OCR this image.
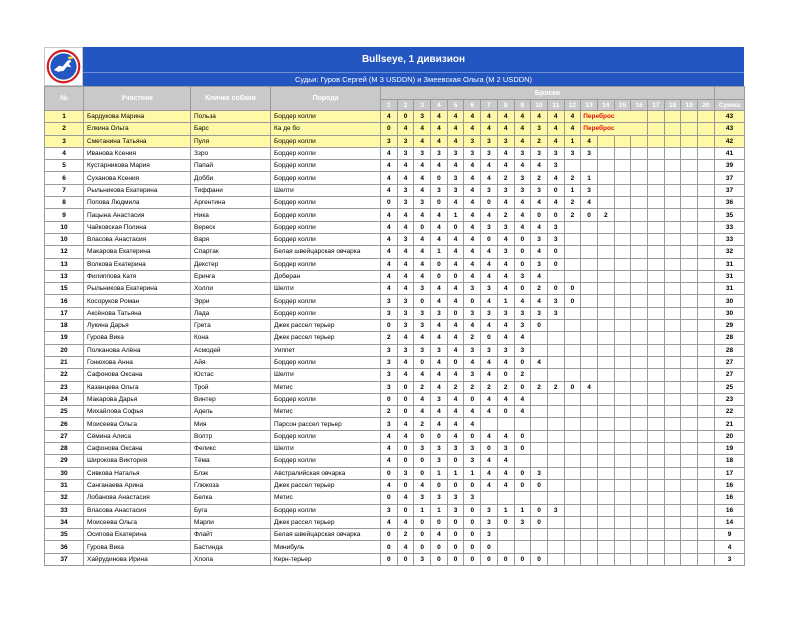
Bullseye, 1 дивизион
Судьи: Гуров Сергей (М 3 USDDN) и Змеевская Ольга (М 2 USDDN)
№	Участник	Кличка собаки	Порода	Броски																				
				1	2	3	4	5	6	7	8	9	10	11	12	13	14	15	16	17	18	19	20	Сумма
1	Бардукова Марина	Польза	Бордер колли	4	0	3	4	4	4	4	4	4	4	4	4	Переброс								43
2	Елкина Ольга	Барс	Ка де бо	0	4	4	4	4	4	4	4	4	3	4	4	Переброс								43
3	Сметанина Татьяна	Пуля	Бордер колли	3	3	4	4	4	3	3	3	4	2	4	1	4								42
4	Иванова Ксения	Ззро	Бордер колли	4	3	3	3	3	3	3	4	3	3	3	3	3								41
5	Кустарникова Мария	Папай	Бордер колли	4	4	4	4	4	4	4	4	4	4	3										39
6	Суханова Ксения	Добби	Бордер колли	4	4	4	0	3	4	4	2	3	2	4	2	1								37
7	Рыльникова Екатерина	Тиффани	Шелти	4	3	4	3	3	4	3	3	3	3	0	1	3								37
8	Попова Людмила	Аргентина	Бордер колли	0	3	3	0	4	4	0	4	4	4	4	2	4								36
9	Пацына Анастасия	Ника	Бордер колли	4	4	4	4	1	4	4	2	4	0	0	2	0	2							35
10	Чайковская Полина	Вереск	Бордер колли	4	4	0	4	0	4	3	3	4	4	3										33
10	Власова Анастасия	Варя	Бордер колли	4	3	4	4	4	4	0	4	0	3	3										33
12	Макарова Екатерина	Спартак	Белая швейцарская овчарка	4	4	4	1	4	4	4	3	0	4	0										32
13	Волкова Екатерина	Декстер	Бордер колли	4	4	4	0	4	4	4	4	0	3	0										31
13	Филиппова Катя	Еринга	Доберан	4	4	4	0	0	4	4	4	3	4											31
15	Рыльникова Екатерина	Холли	Шелти	4	4	3	4	4	3	3	4	0	2	0	0									31
16	Косоруков Роман	Эрри	Бордер колли	3	3	0	4	4	0	4	1	4	4	3	0									30
17	Аксёнова Татьяна	Лада	Бордер колли	3	3	3	3	0	3	3	3	3	3	3										30
18	Лукина Дарья	Грета	Джек рассел терьер	0	3	3	4	4	4	4	4	3	0											29
19	Гурова Вика	Кона	Джек рассел терьер	2	4	4	4	4	2	0	4	4												28
20	Полканова Алёна	Асмодей	Уиппет	3	3	3	3	4	3	3	3	3												28
21	Гонюхова Анна	Айя	Бордер колли	3	4	0	4	0	4	4	4	0	4											27
22	Сафонова Оксана	Юстас	Шелти	3	4	4	4	4	3	4	0	2												27
23	Казанцева Ольга	Трой	Метис	3	0	2	4	2	2	2	2	0	2	2	0	4								25
24	Макарова Дарья	Винтер	Бордер колли	0	0	4	3	4	0	4	4	4												23
25	Михайлова Софья	Адель	Метис	2	0	4	4	4	4	4	0	4												22
26	Моисеева Ольга	Мия	Парсон рассел терьер	3	4	2	4	4	4															21
27	Сёмина Алиса	Волтр	Бордер колли	4	4	0	0	4	0	4	4	0												20
28	Сафонова Оксана	Феликс	Шелти	4	0	3	3	3	3	0	3	0												19
29	Широкова Виктория	Тёма	Бордер колли	4	0	0	3	0	3	4	4													18
30	Сивкова Наталья	Блэк	Австралийская овчарка	0	3	0	1	1	1	4	4	0	3											17
31	Санганаева Арина	Глюкоза	Джек рассел терьер	4	0	4	0	0	0	4	4	0	0											16
32	Лобанова Анастасия	Белка	Метис	0	4	3	3	3	3															16
33	Власова Анастасия	Буга	Бордер колли	3	0	1	1	3	0	3	1	1	0	3										16
34	Моисеева Ольга	Марли	Джек рассел терьер	4	4	0	0	0	0	3	0	3	0											14
35	Осипова Екатерина	Флайт	Белая швейцарская овчарка	0	2	0	4	0	0	3														9
36	Гурова Вика	Бастинда	Минибуль	0	4	0	0	0	0	0														4
37	Хайрудинова Ирина	Хлопа	Керн-терьер	0	0	3	0	0	0	0	0	0	0											3
